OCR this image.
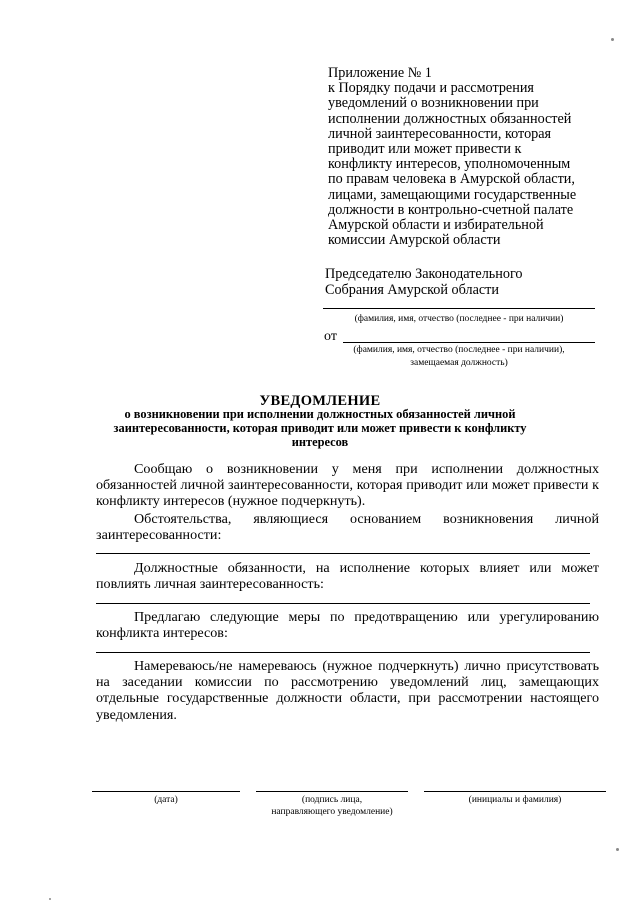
Приложение № 1
к Порядку подачи и рассмотрения
уведомлений о возникновении при
исполнении должностных обязанностей
личной заинтересованности, которая
приводит или может привести к
конфликту интересов, уполномоченным
по правам человека в Амурской области,
лицами, замещающими государственные
должности в контрольно-счетной палате
Амурской области и избирательной
комиссии Амурской области
Председателю Законодательного
Собрания Амурской области
(фамилия, имя, отчество (последнее - при наличии)
от
(фамилия, имя, отчество (последнее - при наличии),
замещаемая должность)
УВЕДОМЛЕНИЕ
о возникновении при исполнении должностных обязанностей личной
заинтересованности, которая приводит или может привести к конфликту
интересов
Сообщаю о возникновении у меня при исполнении должностных обязанностей личной заинтересованности, которая приводит или может привести к конфликту интересов (нужное подчеркнуть).
Обстоятельства, являющиеся основанием возникновения личной заинтересованности:
Должностные обязанности, на исполнение которых влияет или может повлиять личная заинтересованность:
Предлагаю следующие меры по предотвращению или урегулированию конфликта интересов:
Намереваюсь/не намереваюсь (нужное подчеркнуть) лично присутствовать на заседании комиссии по рассмотрению уведомлений лиц, замещающих отдельные государственные должности области, при рассмотрении настоящего уведомления.
(дата)	(подпись лица,
направляющего уведомление)
(инициалы и фамилия)
